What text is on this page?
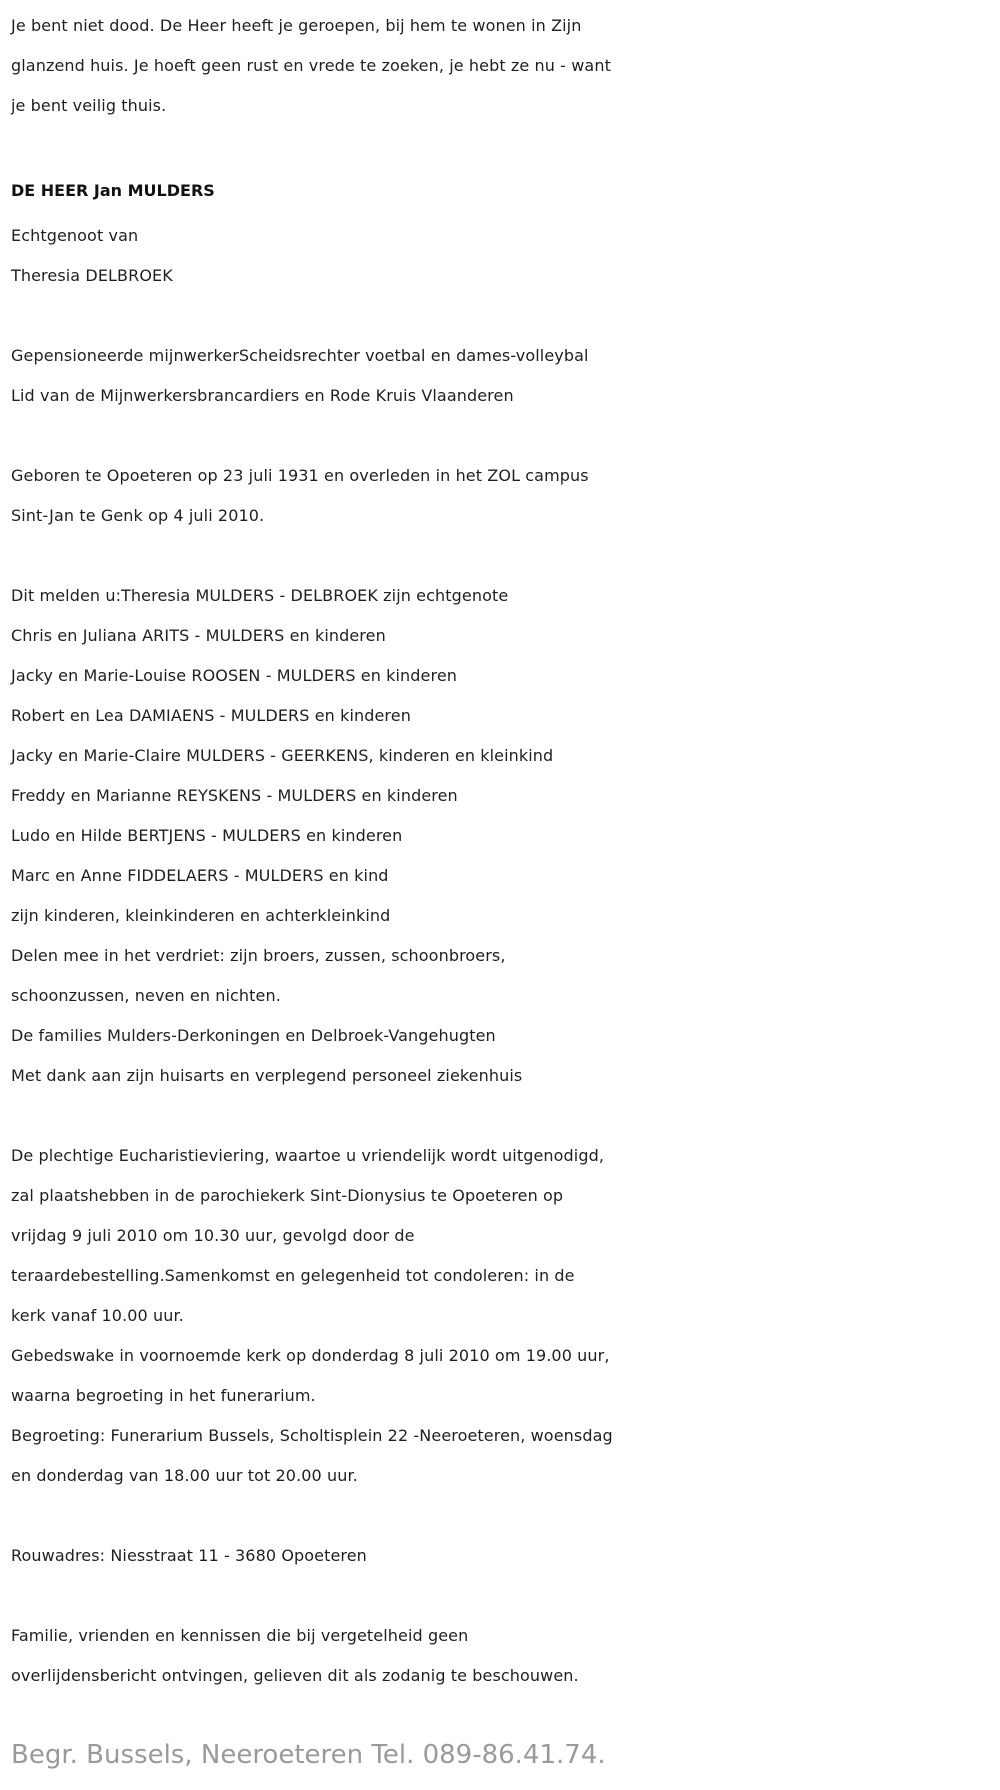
Je bent niet dood. De Heer heeft je geroepen, bij hem te wonen in Zijn
glanzend huis. Je hoeft geen rust en vrede te zoeken, je hebt ze nu - want
je bent veilig thuis.
DE HEER Jan MULDERS
Echtgenoot van
Theresia DELBROEK
Gepensioneerde mijnwerkerScheidsrechter voetbal en dames-volleybal
Lid van de Mijnwerkersbrancardiers en Rode Kruis Vlaanderen
Geboren te Opoeteren op 23 juli 1931 en overleden in het ZOL campus
Sint-Jan te Genk op 4 juli 2010.
Dit melden u:Theresia MULDERS - DELBROEK zijn echtgenote
Chris en Juliana ARITS - MULDERS en kinderen
Jacky en Marie-Louise ROOSEN - MULDERS en kinderen
Robert en Lea DAMIAENS - MULDERS en kinderen
Jacky en Marie-Claire MULDERS - GEERKENS, kinderen en kleinkind
Freddy en Marianne REYSKENS - MULDERS en kinderen
Ludo en Hilde BERTJENS - MULDERS en kinderen
Marc en Anne FIDDELAERS - MULDERS en kind
zijn kinderen, kleinkinderen en achterkleinkind
Delen mee in het verdriet: zijn broers, zussen, schoonbroers,
schoonzussen, neven en nichten.
De families Mulders-Derkoningen en Delbroek-Vangehugten
Met dank aan zijn huisarts en verplegend personeel ziekenhuis
De plechtige Eucharistieviering, waartoe u vriendelijk wordt uitgenodigd,
zal plaatshebben in de parochiekerk Sint-Dionysius te Opoeteren op
vrijdag 9 juli 2010 om 10.30 uur, gevolgd door de
teraardebestelling.Samenkomst en gelegenheid tot condoleren: in de
kerk vanaf 10.00 uur.
Gebedswake in voornoemde kerk op donderdag 8 juli 2010 om 19.00 uur,
waarna begroeting in het funerarium.
Begroeting: Funerarium Bussels, Scholtisplein 22 -Neeroeteren, woensdag
en donderdag van 18.00 uur tot 20.00 uur.
Rouwadres: Niesstraat 11 - 3680 Opoeteren
Familie, vrienden en kennissen die bij vergetelheid geen
overlijdensbericht ontvingen, gelieven dit als zodanig te beschouwen.
Begr. Bussels, Neeroeteren Tel. 089-86.41.74.
